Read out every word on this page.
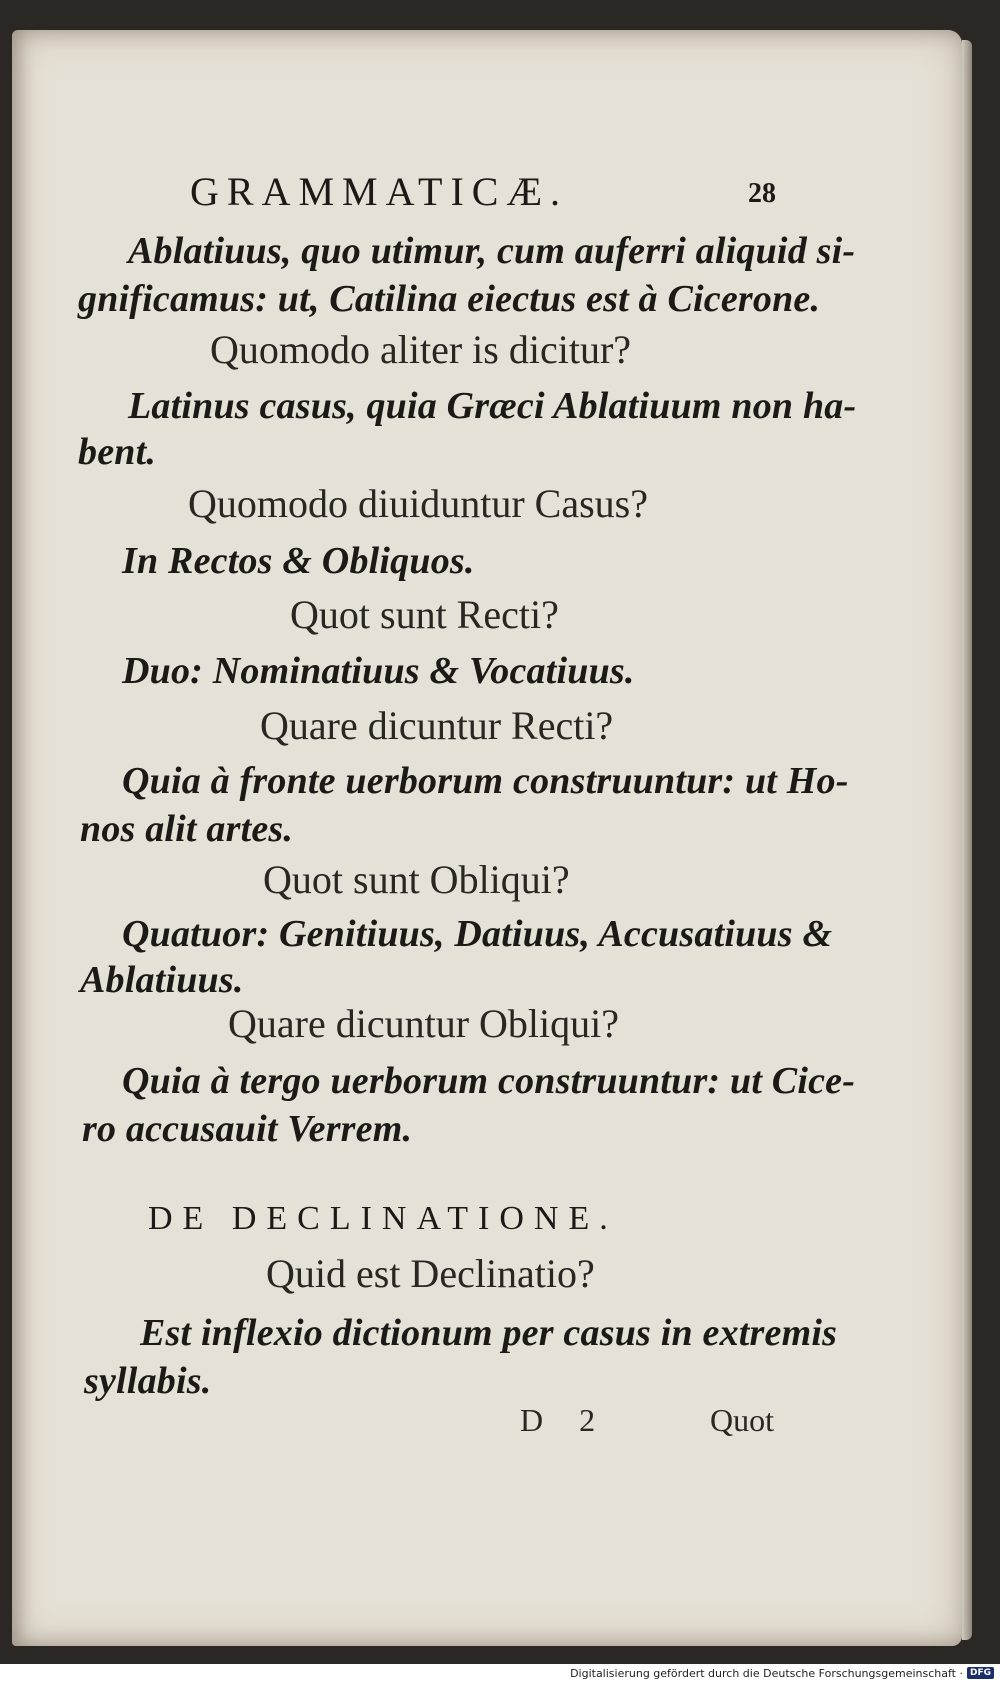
GRAMMATICÆ.	28
Ablatiuus, quo utimur, cum auferri aliquid si-
gnificamus: ut, Catilina eiectus est à Cicerone.
Quomodo aliter is dicitur?
Latinus casus, quia Græci Ablatiuum non ha-
bent.
Quomodo diuiduntur Casus?
In Rectos & Obliquos.
Quot sunt Recti?
Duo: Nominatiuus & Vocatiuus.
Quare dicuntur Recti?
Quia à fronte uerborum construuntur: ut Ho-
nos alit artes.
Quot sunt Obliqui?
Quatuor: Genitiuus, Datiuus, Accusatiuus &
Ablatiuus.
Quare dicuntur Obliqui?
Quia à tergo uerborum construuntur: ut Cice-
ro accusauit Verrem.
DE DECLINATIONE.
Quid est Declinatio?
Est inflexio dictionum per casus in extremis
syllabis.
D 2	Quot
Digitalisierung gefördert durch die Deutsche Forschungsgemeinschaft · DFG
